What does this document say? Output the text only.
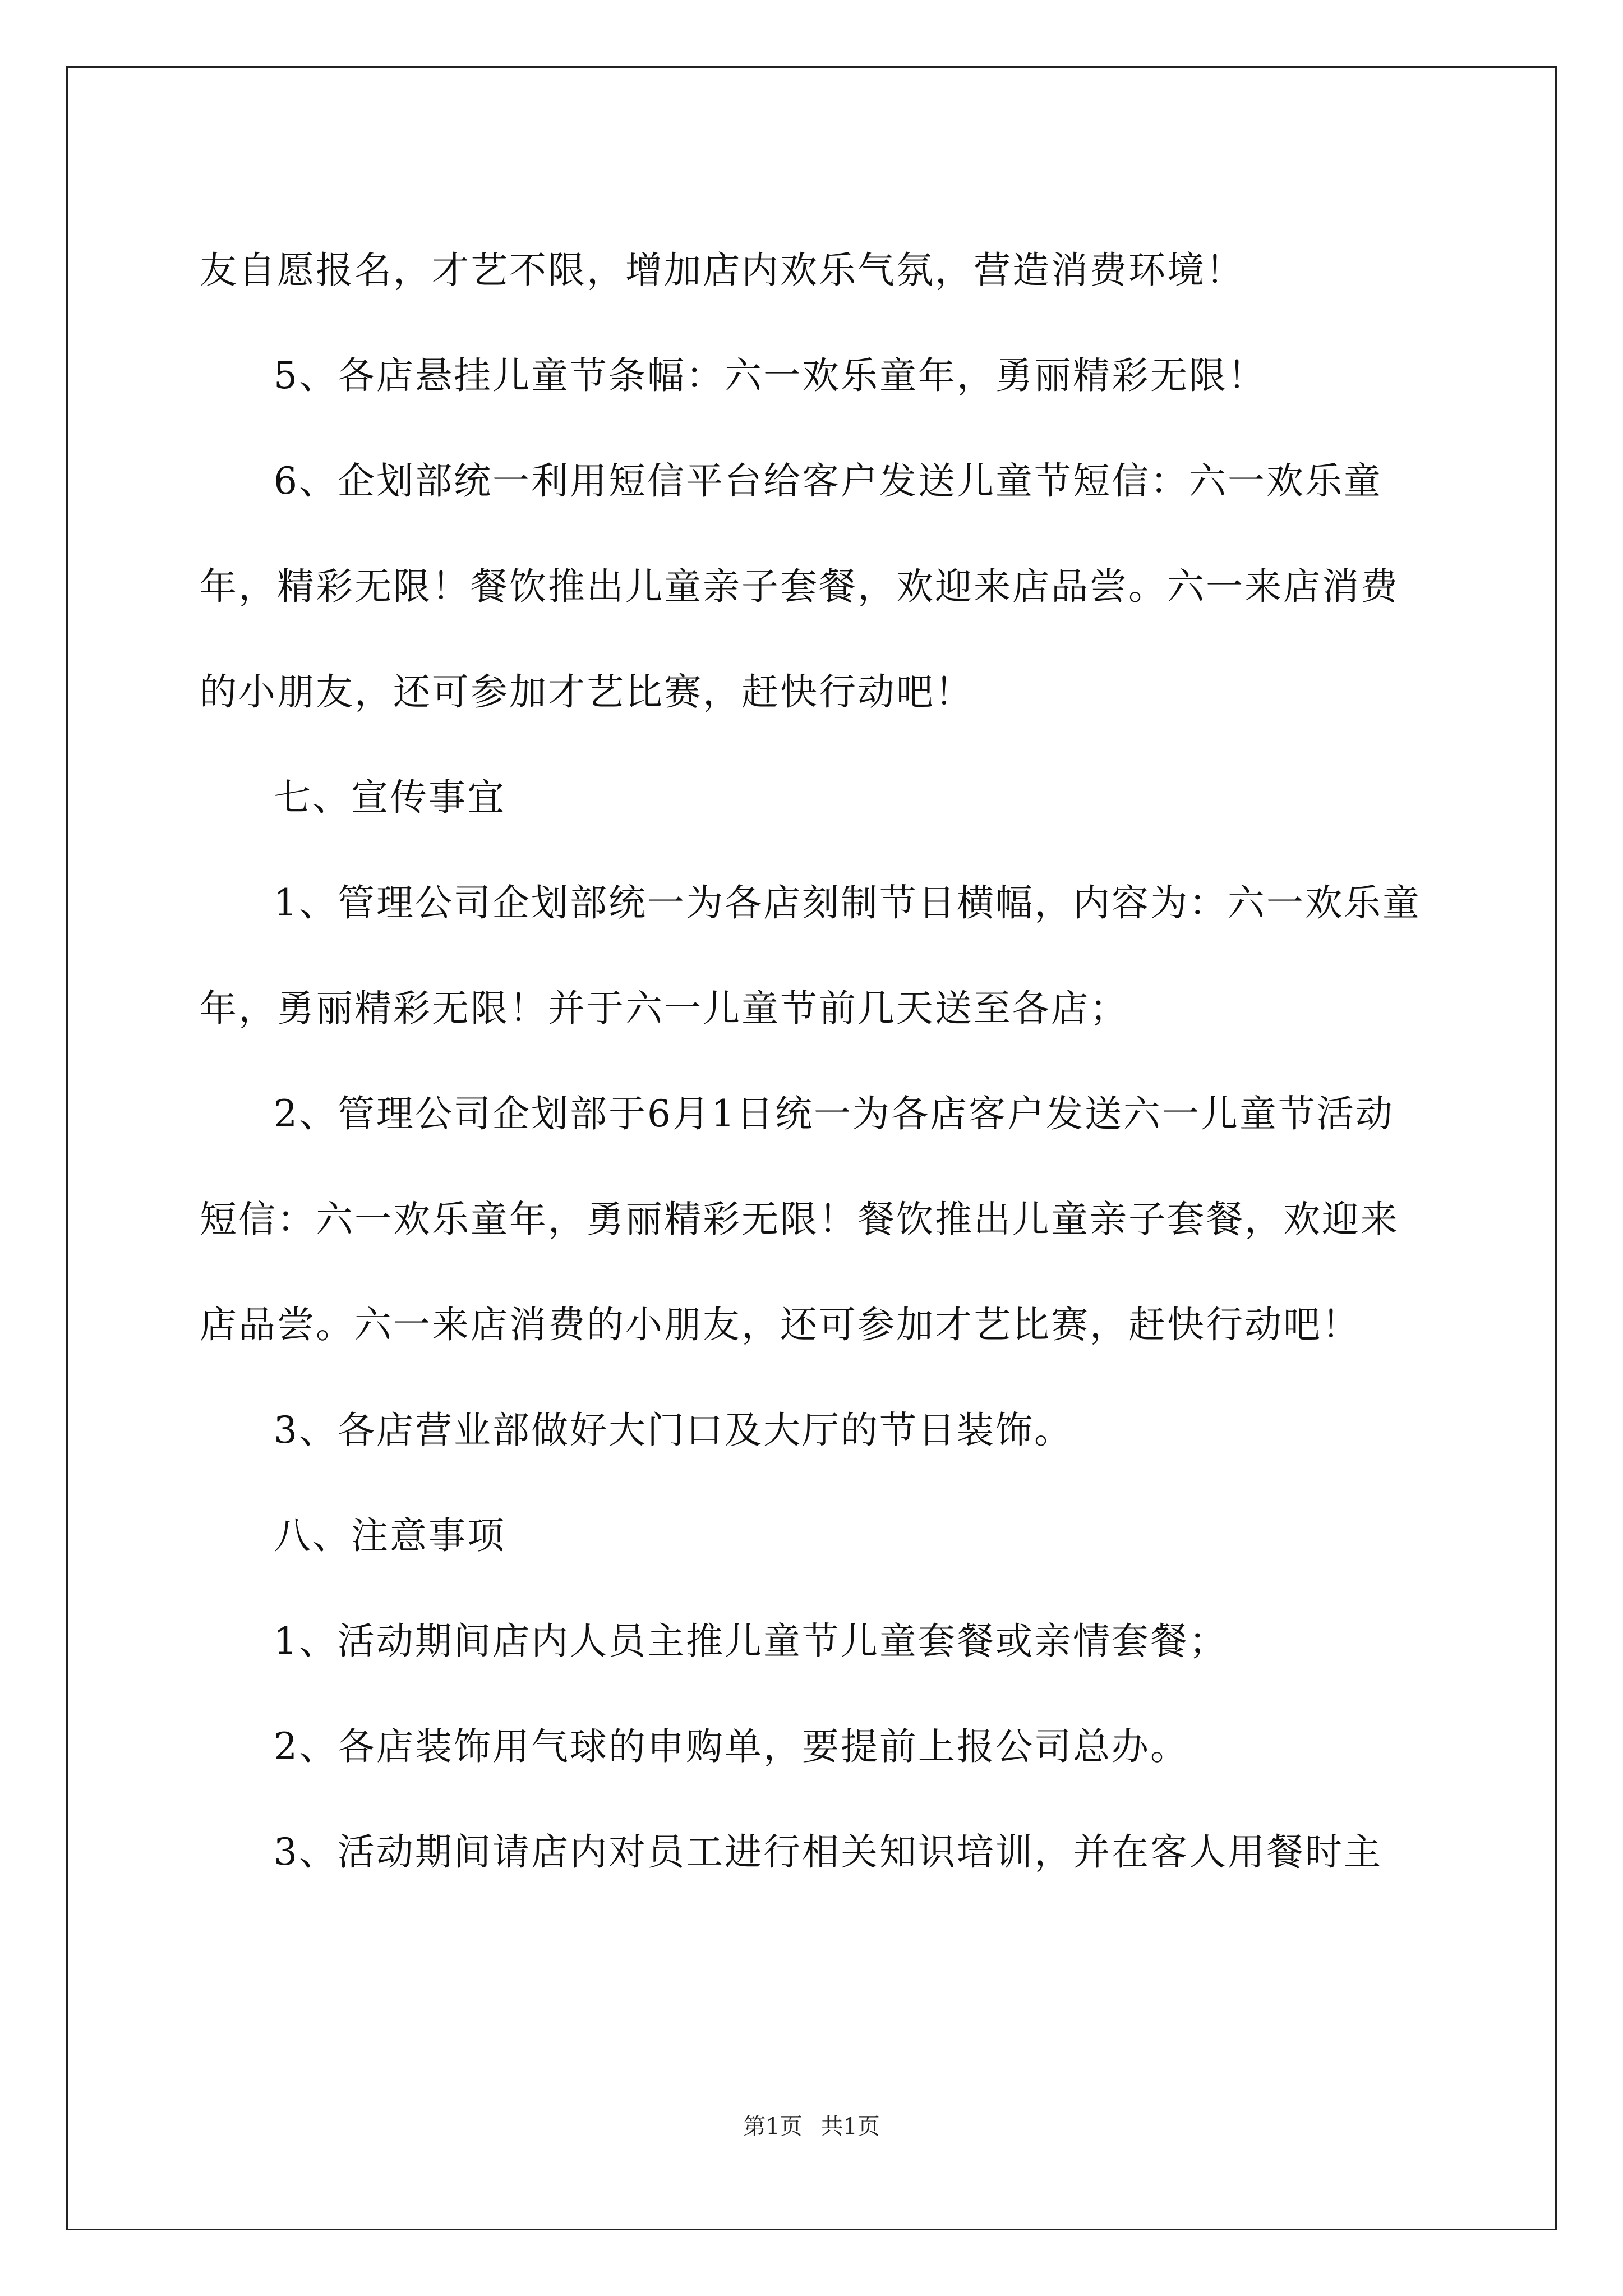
友自愿报名，才艺不限，增加店内欢乐气氛，营造消费环境！

5、各店悬挂儿童节条幅：六一欢乐童年，勇丽精彩无限！

6、企划部统一利用短信平台给客户发送儿童节短信：六一欢乐童年，精彩无限！餐饮推出儿童亲子套餐，欢迎来店品尝。六一来店消费的小朋友，还可参加才艺比赛，赶快行动吧！

七、宣传事宜

1、管理公司企划部统一为各店刻制节日横幅，内容为：六一欢乐童年，勇丽精彩无限！并于六一儿童节前几天送至各店；

2、管理公司企划部于6月1日统一为各店客户发送六一儿童节活动短信：六一欢乐童年，勇丽精彩无限！餐饮推出儿童亲子套餐，欢迎来店品尝。六一来店消费的小朋友，还可参加才艺比赛，赶快行动吧！

3、各店营业部做好大门口及大厅的节日装饰。

八、注意事项

1、活动期间店内人员主推儿童节儿童套餐或亲情套餐；

2、各店装饰用气球的申购单，要提前上报公司总办。

3、活动期间请店内对员工进行相关知识培训，并在客人用餐时主

第1页 共1页
